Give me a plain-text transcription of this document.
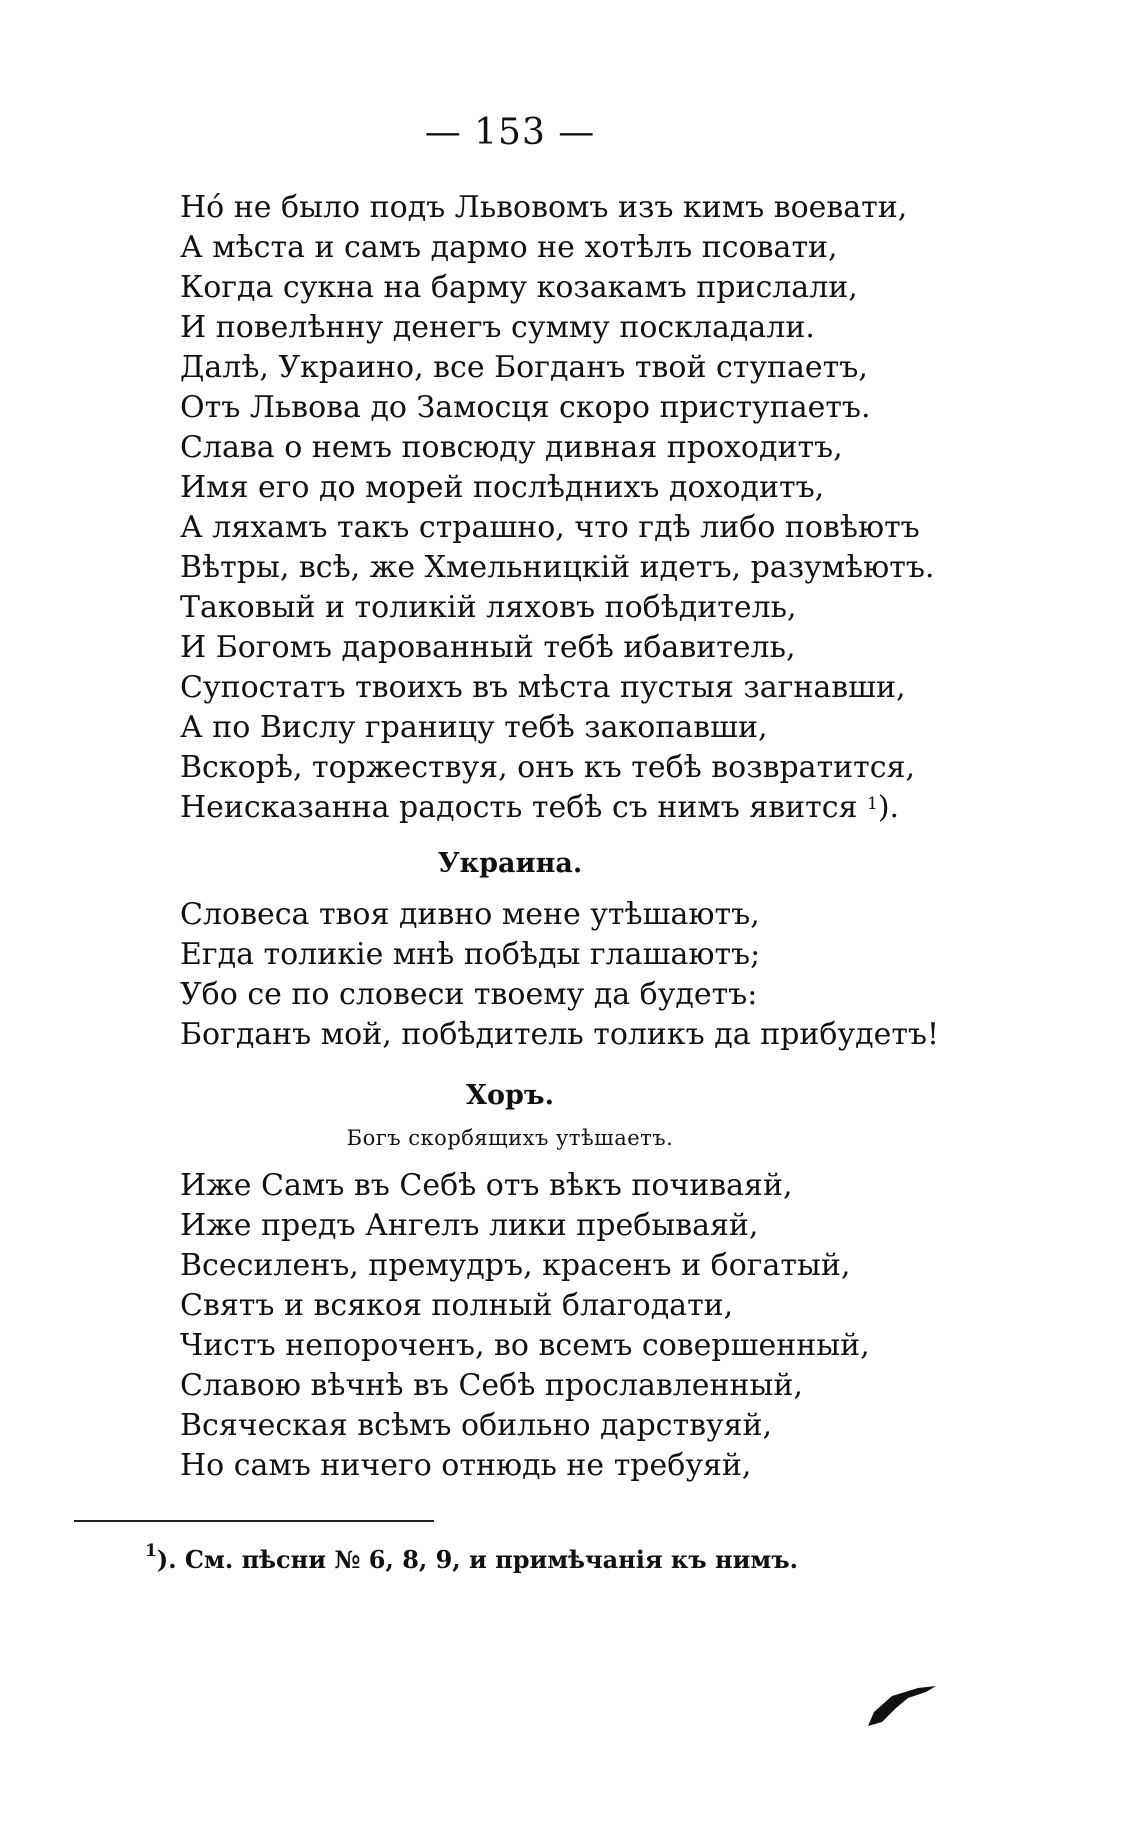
— 153 —
Но́ не было подъ Львовомъ изъ кимъ воевати,
А мѣста и самъ дармо не хотѣлъ псовати,
Когда сукна на барму козакамъ прислали,
И повелѣнну денегъ сумму поскладали.
Далѣ, Украино, все Богданъ твой ступаетъ,
Отъ Львова до Замосця скоро приступаетъ.
Слава о немъ повсюду дивная проходитъ,
Имя его до морей послѣднихъ доходитъ,
А ляхамъ такъ страшно, что гдѣ либо повѣютъ
Вѣтры, всѣ, же Хмельницкій идетъ, разумѣютъ.
Таковый и толикій ляховъ побѣдитель,
И Богомъ дарованный тебѣ ибавитель,
Супостатъ твоихъ въ мѣста пустыя загнавши,
А по Вислу границу тебѣ закопавши,
Вскорѣ, торжествуя, онъ къ тебѣ возвратится,
Неисказанна радость тебѣ съ нимъ явится $^1$).
Украина.
Словеса твоя дивно мене утѣшаютъ,
Егда толикіе мнѣ побѣды глашаютъ;
Убо се по словеси твоему да будетъ:
Богданъ мой, побѣдитель толикъ да прибудетъ!
Хоръ.
Богъ скорбящихъ утѣшаетъ.
Иже Самъ въ Себѣ отъ вѣкъ почиваяй,
Иже предъ Ангелъ лики пребываяй,
Всесиленъ, премудръ, красенъ и богатый,
Святъ и всякоя полный благодати,
Чистъ непороченъ, во всемъ совершенный,
Славою вѣчнѣ въ Себѣ прославленный,
Всяческая всѣмъ обильно дарствуяй,
Но самъ ничего отнюдь не требуяй,
$^1$). См. пѣсни № 6, 8, 9, и примѣчанія къ нимъ.
